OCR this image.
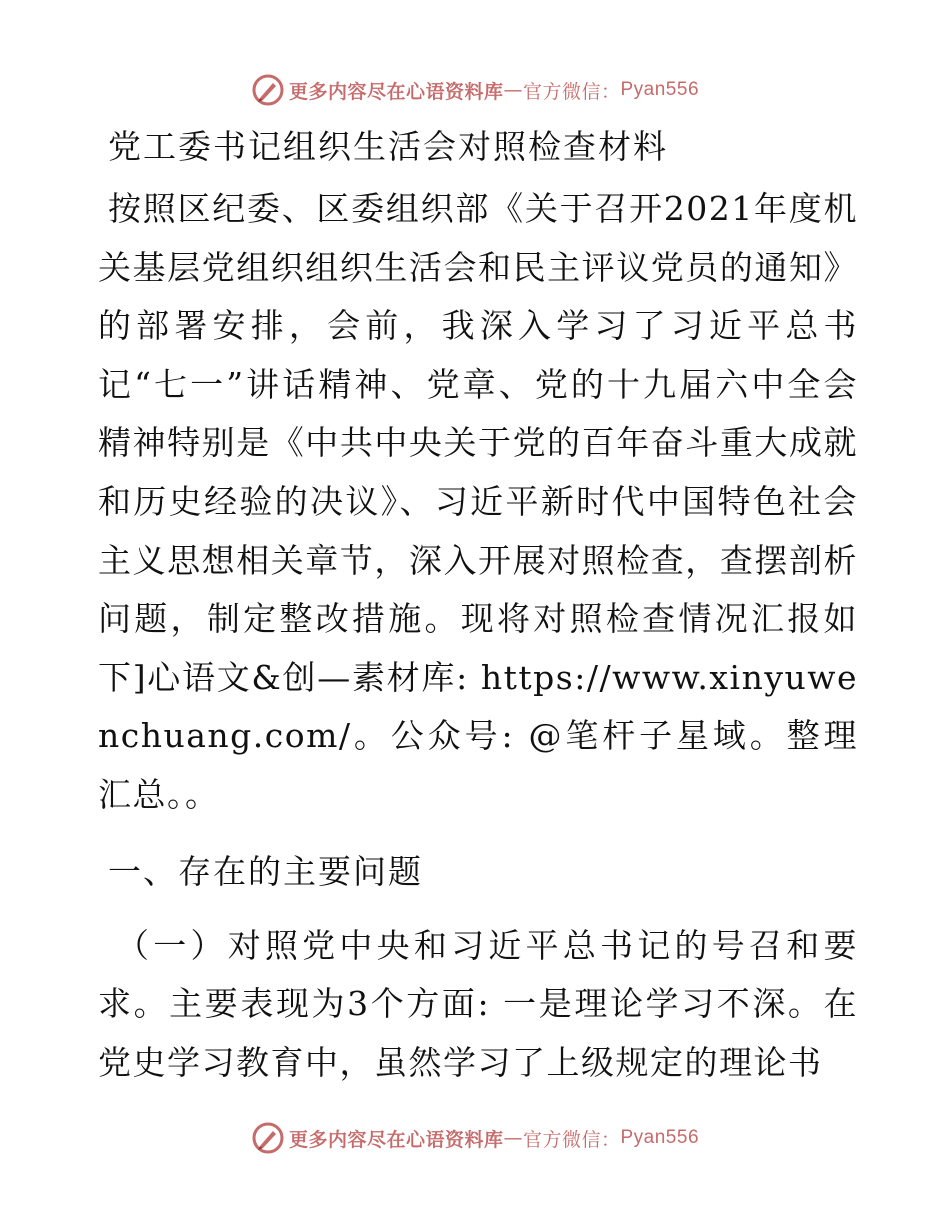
更多内容尽在心语资料库 — 官方微信： Pyan556
党工委书记组织生活会对照检查材料

按照区纪委、区委组织部《关于召开2021年度机关基层党组织组织生活会和民主评议党员的通知》的部署安排，会前，我深入学习了习近平总书记“七一”讲话精神、党章、党的十九届六中全会精神特别是《中共中央关于党的百年奋斗重大成就和历史经验的决议》、习近平新时代中国特色社会主义思想相关章节，深入开展对照检查，查摆剖析问题，制定整改措施。现将对照检查情况汇报如下]心语文&创—素材库: https://www.xinyuwenchuang.com/。公众号: @笔杆子星域。整理汇总。。

一、存在的主要问题

（一）对照党中央和习近平总书记的号召和要求。主要表现为3个方面: 一是理论学习不深。在党史学习教育中，虽然学习了上级规定的理论书

更多内容尽在心语资料库 — 官方微信： Pyan556
